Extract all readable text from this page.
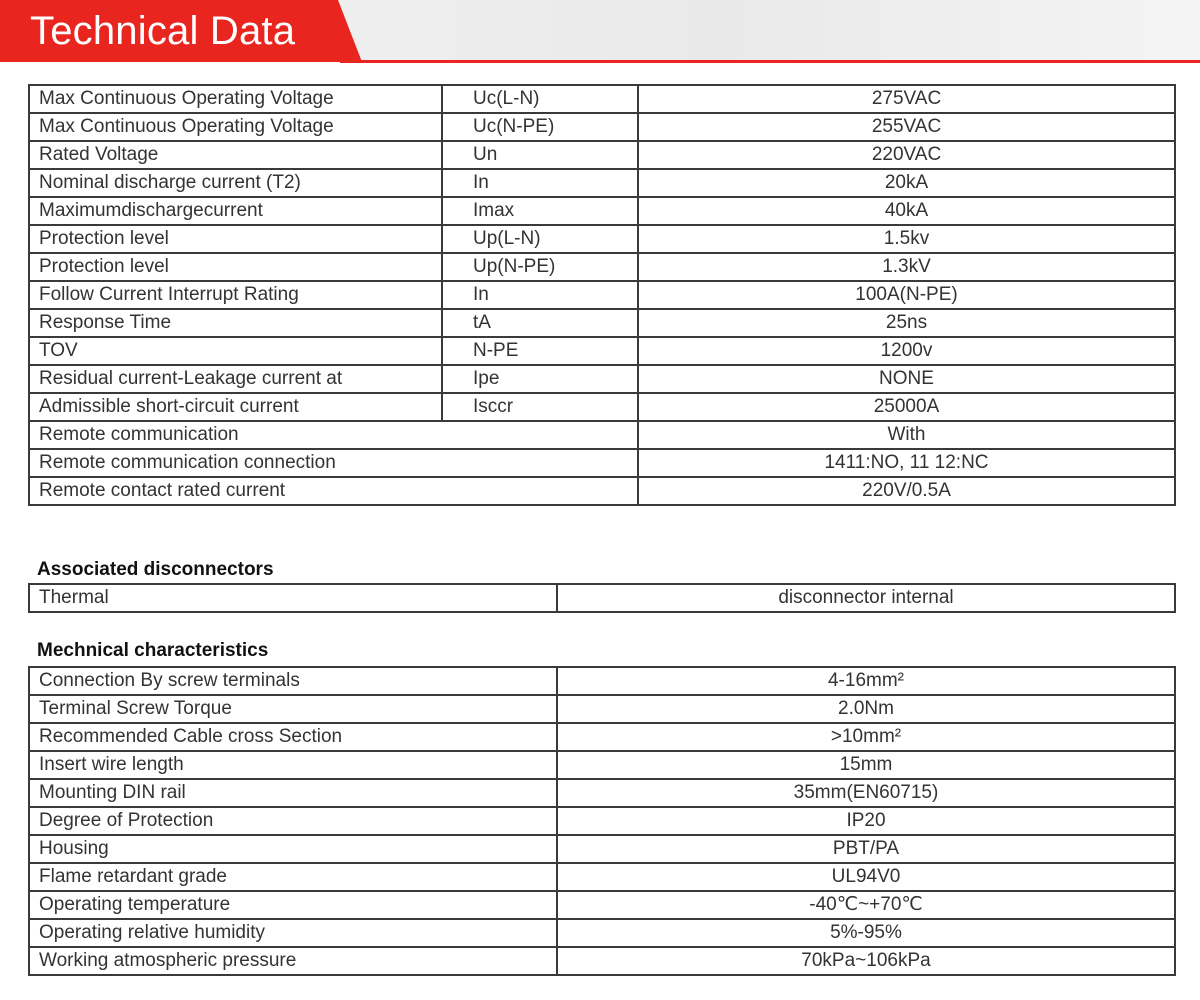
Technical Data
Max Continuous Operating Voltage	Uc(L-N)	275VAC
Max Continuous Operating Voltage	Uc(N-PE)	255VAC
Rated Voltage	Un	220VAC
Nominal discharge current (T2)	In	20kA
Maximumdischargecurrent	Imax	40kA
Protection level	Up(L-N)	1.5kv
Protection level	Up(N-PE)	1.3kV
Follow Current Interrupt Rating	In	100A(N-PE)
Response Time	tA	25ns
TOV	N-PE	1200v
Residual current-Leakage current at	Ipe	NONE
Admissible short-circuit current	Isccr	25000A
Remote communication		With
Remote communication connection		1411:NO, 11 12:NC
Remote contact rated current		220V/0.5A
Associated disconnectors
Thermal	disconnector internal
Mechnical characteristics
Connection By screw terminals	4-16mm²
Terminal Screw Torque	2.0Nm
Recommended Cable cross Section	>10mm²
Insert wire length	15mm
Mounting DIN rail	35mm(EN60715)
Degree of Protection	IP20
Housing	PBT/PA
Flame retardant grade	UL94V0
Operating temperature	-40℃~+70℃
Operating relative humidity	5%-95%
Working atmospheric pressure	70kPa~106kPa
